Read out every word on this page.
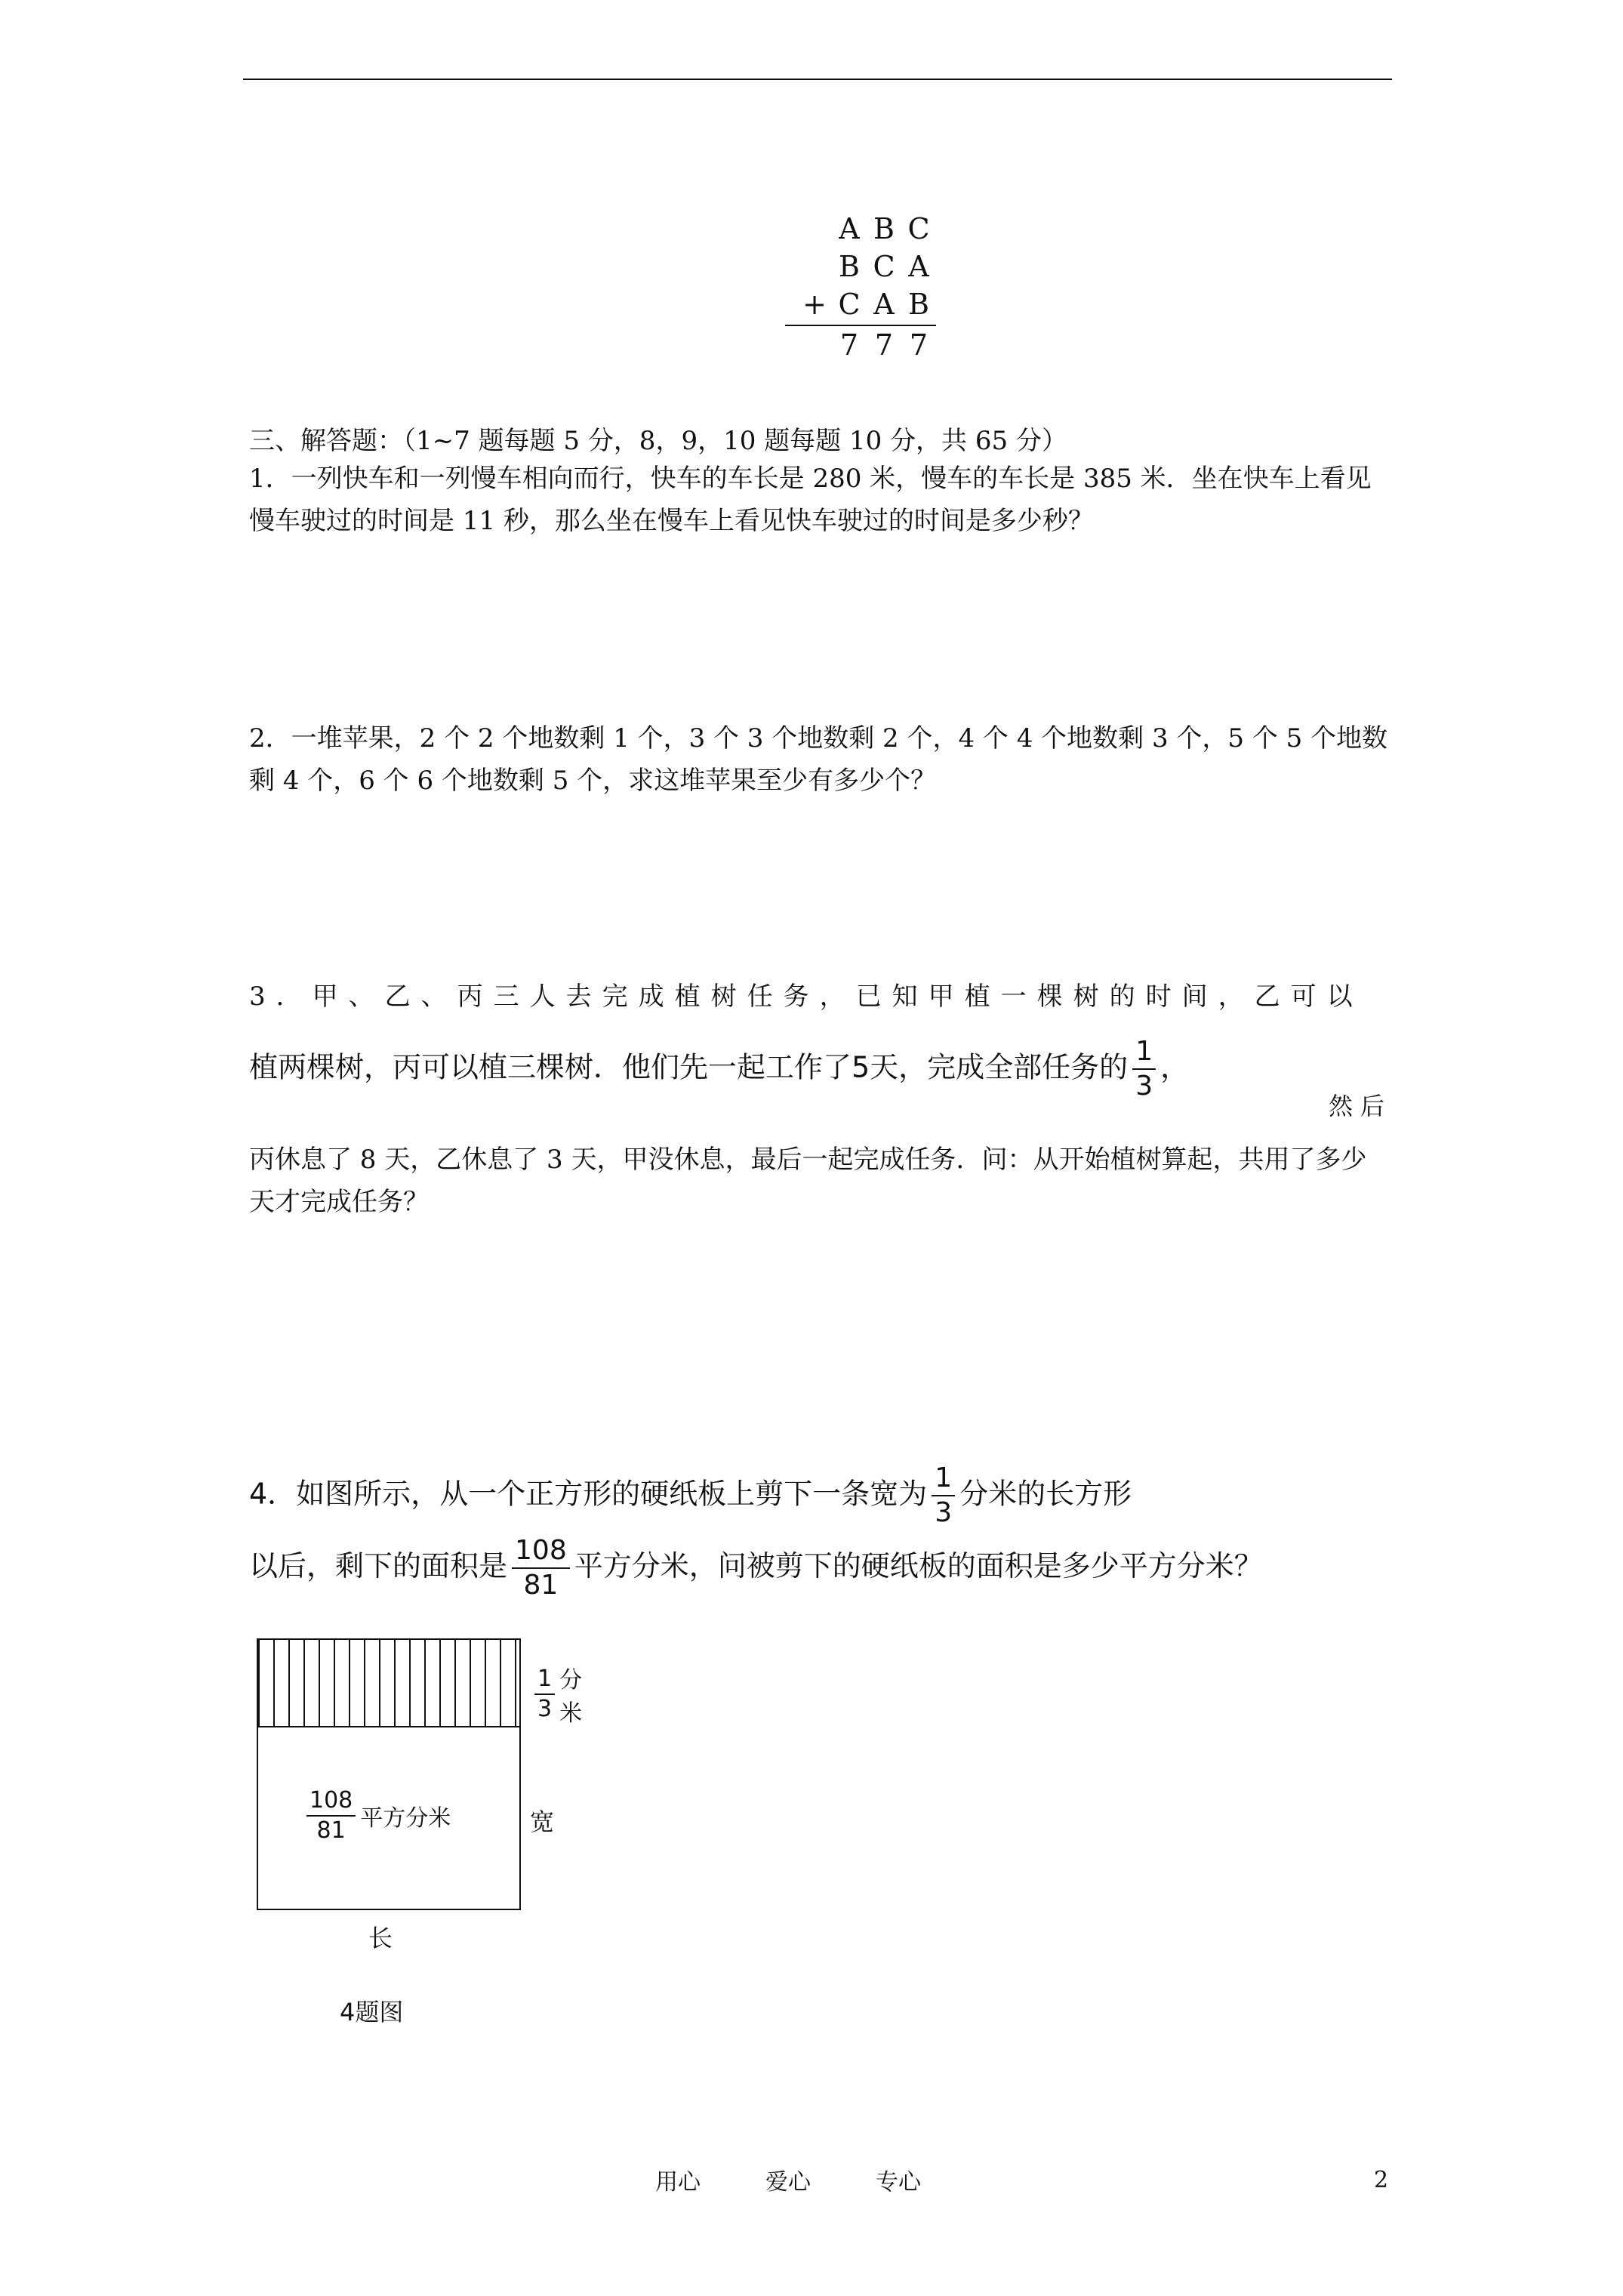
A B C
B C A
+ C A B
7 7 7
三、解答题：（1~7 题每题 5 分，8，9，10 题每题 10 分，共 65 分）
1．一列快车和一列慢车相向而行，快车的车长是 280 米，慢车的车长是 385 米．坐在快车上看见慢车驶过的时间是 11 秒，那么坐在慢车上看见快车驶过的时间是多少秒？
2．一堆苹果，2 个 2 个地数剩 1 个，3 个 3 个地数剩 2 个，4 个 4 个地数剩 3 个，5 个 5 个地数剩 4 个，6 个 6 个地数剩 5 个，求这堆苹果至少有多少个？
3．甲、乙、丙三人去完成植树任务，已知甲植一棵树的时间，乙可以
植两棵树，丙可以植三棵树．他们先一起工作了5天，完成全部任务的 $\frac{1}{3}$ ，
然后
丙休息了 8 天，乙休息了 3 天，甲没休息，最后一起完成任务．问：从开始植树算起，共用了多少天才完成任务？
4．如图所示，从一个正方形的硬纸板上剪下一条宽为 $\frac{1}{3}$ 分米的长方形
以后，剩下的面积是 $\frac{108}{81}$ 平方分米，问被剪下的硬纸板的面积是多少平方分米？
$\frac{108}{81}$ 平方分米
$\frac{1}{3}$ 分米
宽
长
4题图
用心	爱心	专心	2
